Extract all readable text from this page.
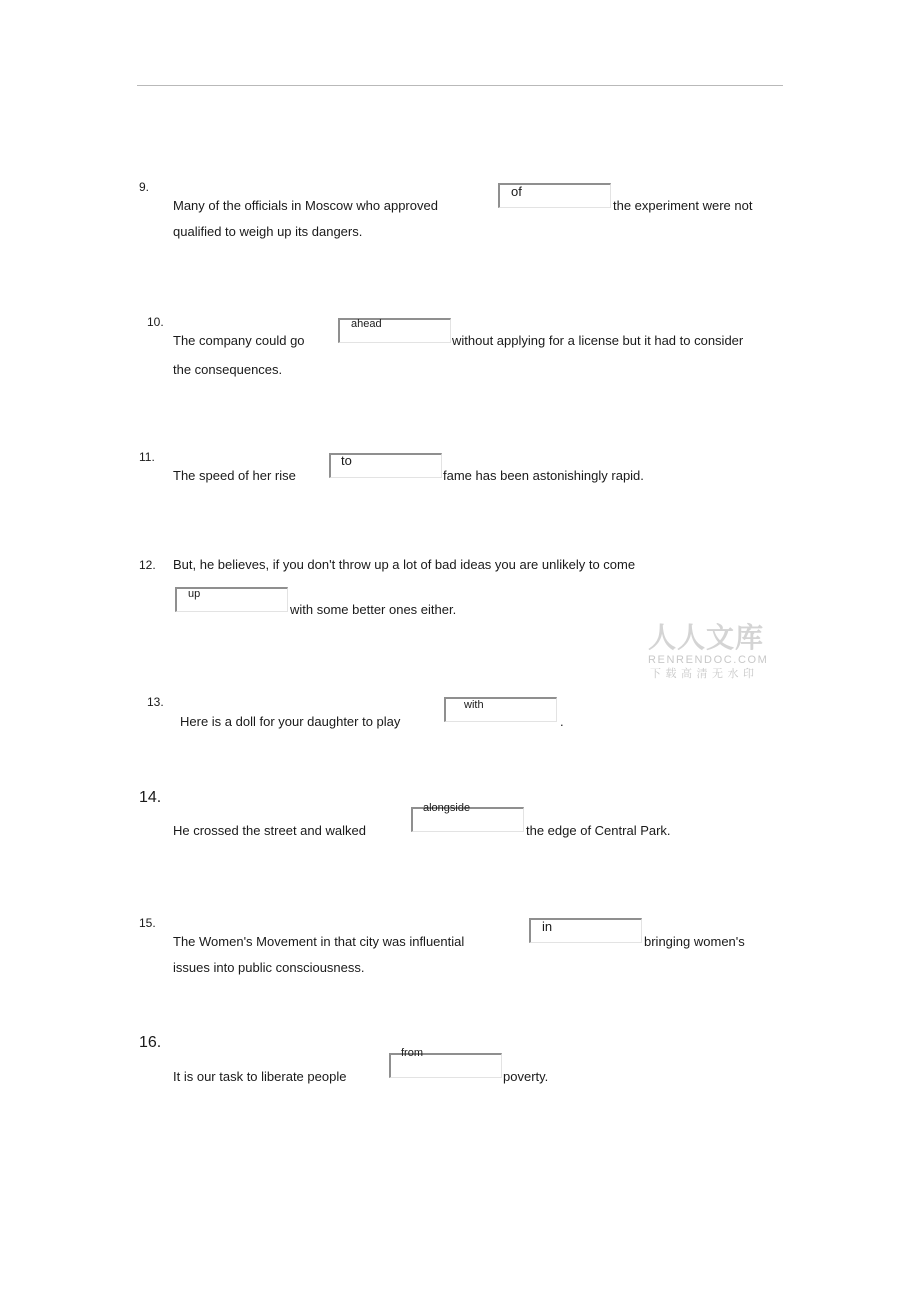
人人文库
RENRENDOC.COM
下载高清无水印
9.
Many of the officials in Moscow who approved
of
the experiment were not
qualified to weigh up its dangers.
10.
The company could go
ahead
without applying for a license but it had to consider
the consequences.
11.
The speed of her rise
to
fame has been astonishingly rapid.
12. But, he believes, if you don't throw up a lot of bad ideas you are unlikely to come
up
with some better ones either.
13.
Here is a doll for your daughter to play
with
.
14.
He crossed the street and walked
alongside
the edge of Central Park.
15.
The Women's Movement in that city was influential
in
bringing women's
issues into public consciousness.
16.
It is our task to liberate people
from
poverty.
